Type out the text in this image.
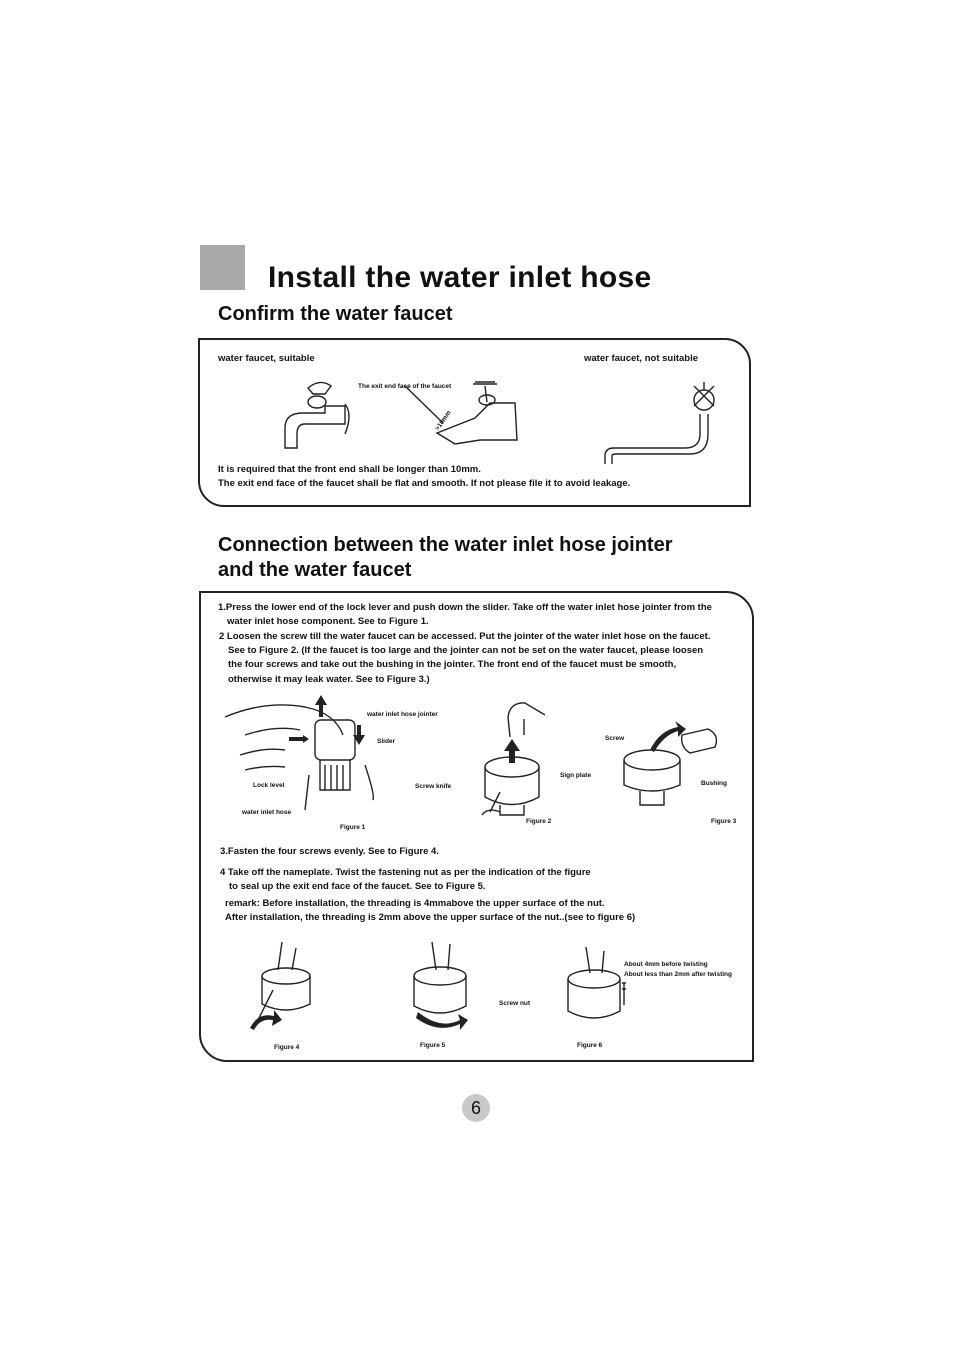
Install the water inlet hose
Confirm the water faucet
water faucet, suitable	water faucet, not suitable
The exit end face of the faucet
>10mm
It is required that the front end shall be longer than 10mm.
The exit end face of the faucet shall be flat and smooth. If not please file it to avoid leakage.
Connection between the water inlet hose jointer
and the water faucet
1.Press the lower end of the lock lever and push down the slider. Take off the water inlet hose jointer from the
water inlet hose component. See to Figure 1.
2 Loosen the screw till the water faucet can be accessed. Put the jointer of the water inlet hose on the faucet.
See to Figure 2. (If the faucet is too large and the jointer can not be set on the water faucet, please loosen
the four screws and take out the bushing in the jointer. The front end of the faucet must be smooth,
otherwise it may leak water. See to Figure 3.)
water inlet hose jointer
Slider
Lock level
water inlet hose
Figure 1
Screw knife
Sign plate
Figure 2
Screw
Bushing
Figure 3
3.Fasten the four screws evenly. See to Figure 4.
4 Take off the nameplate. Twist the fastening nut as per the indication of the figure
to seal up the exit end face of the faucet. See to Figure 5.
remark: Before installation, the threading is 4mmabove the upper surface of the nut.
After installation, the threading is 2mm above the upper surface of the nut..(see to figure 6)
Figure 4
Screw nut
Figure 5
About 4mm before twisting
About less than 2mm after twisting
Figure 6
6
